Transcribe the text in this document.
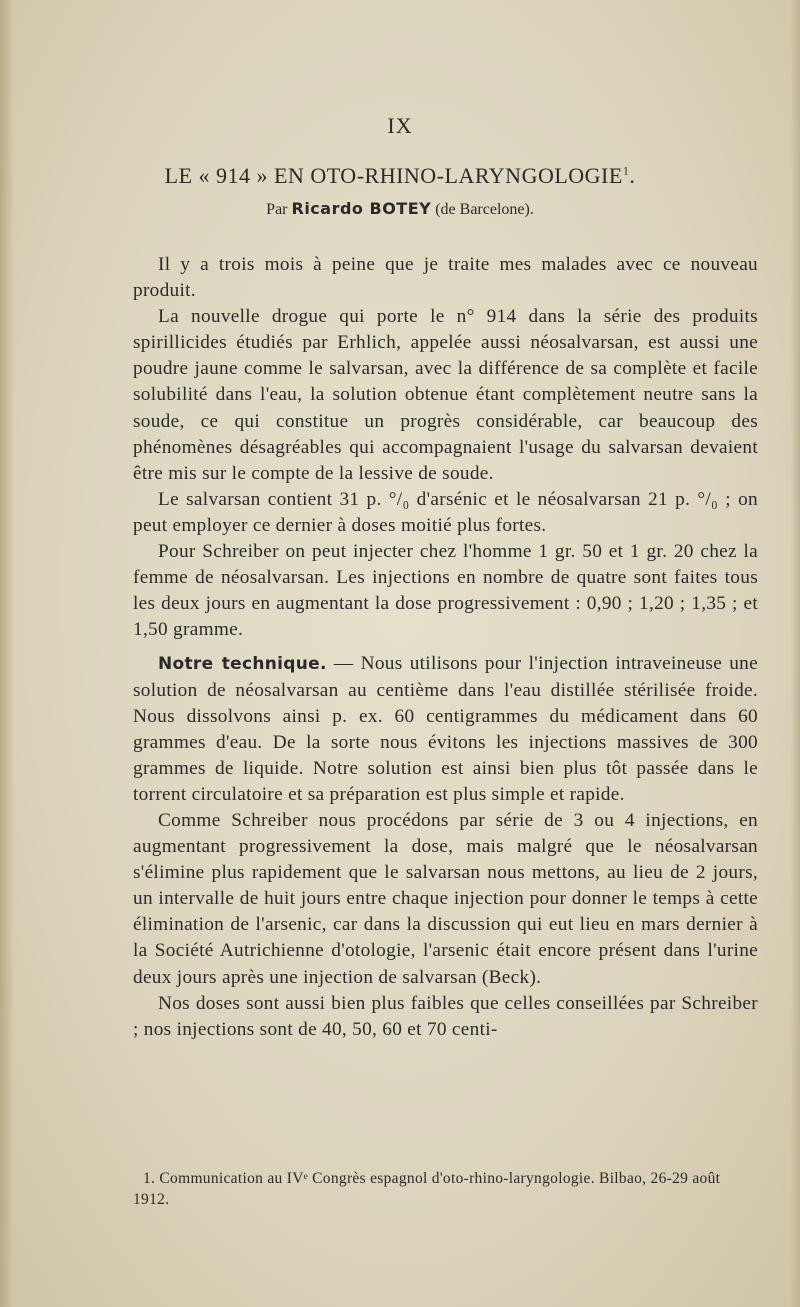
IX
LE « 914 » EN OTO-RHINO-LARYNGOLOGIE$^1$.
Par Ricardo BOTEY (de Barcelone).

Il y a trois mois à peine que je traite mes malades avec ce nouveau produit.

La nouvelle drogue qui porte le n° 914 dans la série des produits spirillicides étudiés par Erhlich, appelée aussi néosalvarsan, est aussi une poudre jaune comme le salvarsan, avec la différence de sa complète et facile solubilité dans l'eau, la solution obtenue étant complètement neutre sans la soude, ce qui constitue un progrès considérable, car beaucoup des phénomènes désagréables qui accompagnaient l'usage du salvarsan devaient être mis sur le compte de la lessive de soude.

Le salvarsan contient 31 p. °/₀ d'arsénic et le néosalvarsan 21 p. °/₀ ; on peut employer ce dernier à doses moitié plus fortes.

Pour Schreiber on peut injecter chez l'homme 1 gr. 50 et 1 gr. 20 chez la femme de néosalvarsan. Les injections en nombre de quatre sont faites tous les deux jours en augmentant la dose progressivement : 0,90 ; 1,20 ; 1,35 ; et 1,50 gramme.

Notre technique. — Nous utilisons pour l'injection intraveineuse une solution de néosalvarsan au centième dans l'eau distillée stérilisée froide. Nous dissolvons ainsi p. ex. 60 centigrammes du médicament dans 60 grammes d'eau. De la sorte nous évitons les injections massives de 300 grammes de liquide. Notre solution est ainsi bien plus tôt passée dans le torrent circulatoire et sa préparation est plus simple et rapide.

Comme Schreiber nous procédons par série de 3 ou 4 injections, en augmentant progressivement la dose, mais malgré que le néosalvarsan s'élimine plus rapidement que le salvarsan nous mettons, au lieu de 2 jours, un intervalle de huit jours entre chaque injection pour donner le temps à cette élimination de l'arsenic, car dans la discussion qui eut lieu en mars dernier à la Société Autrichienne d'otologie, l'arsenic était encore présent dans l'urine deux jours après une injection de salvarsan (Beck).

Nos doses sont aussi bien plus faibles que celles conseillées par Schreiber ; nos injections sont de 40, 50, 60 et 70 centi-

1. Communication au IVᵉ Congrès espagnol d'oto-rhino-laryngologie. Bilbao, 26-29 août 1912.
